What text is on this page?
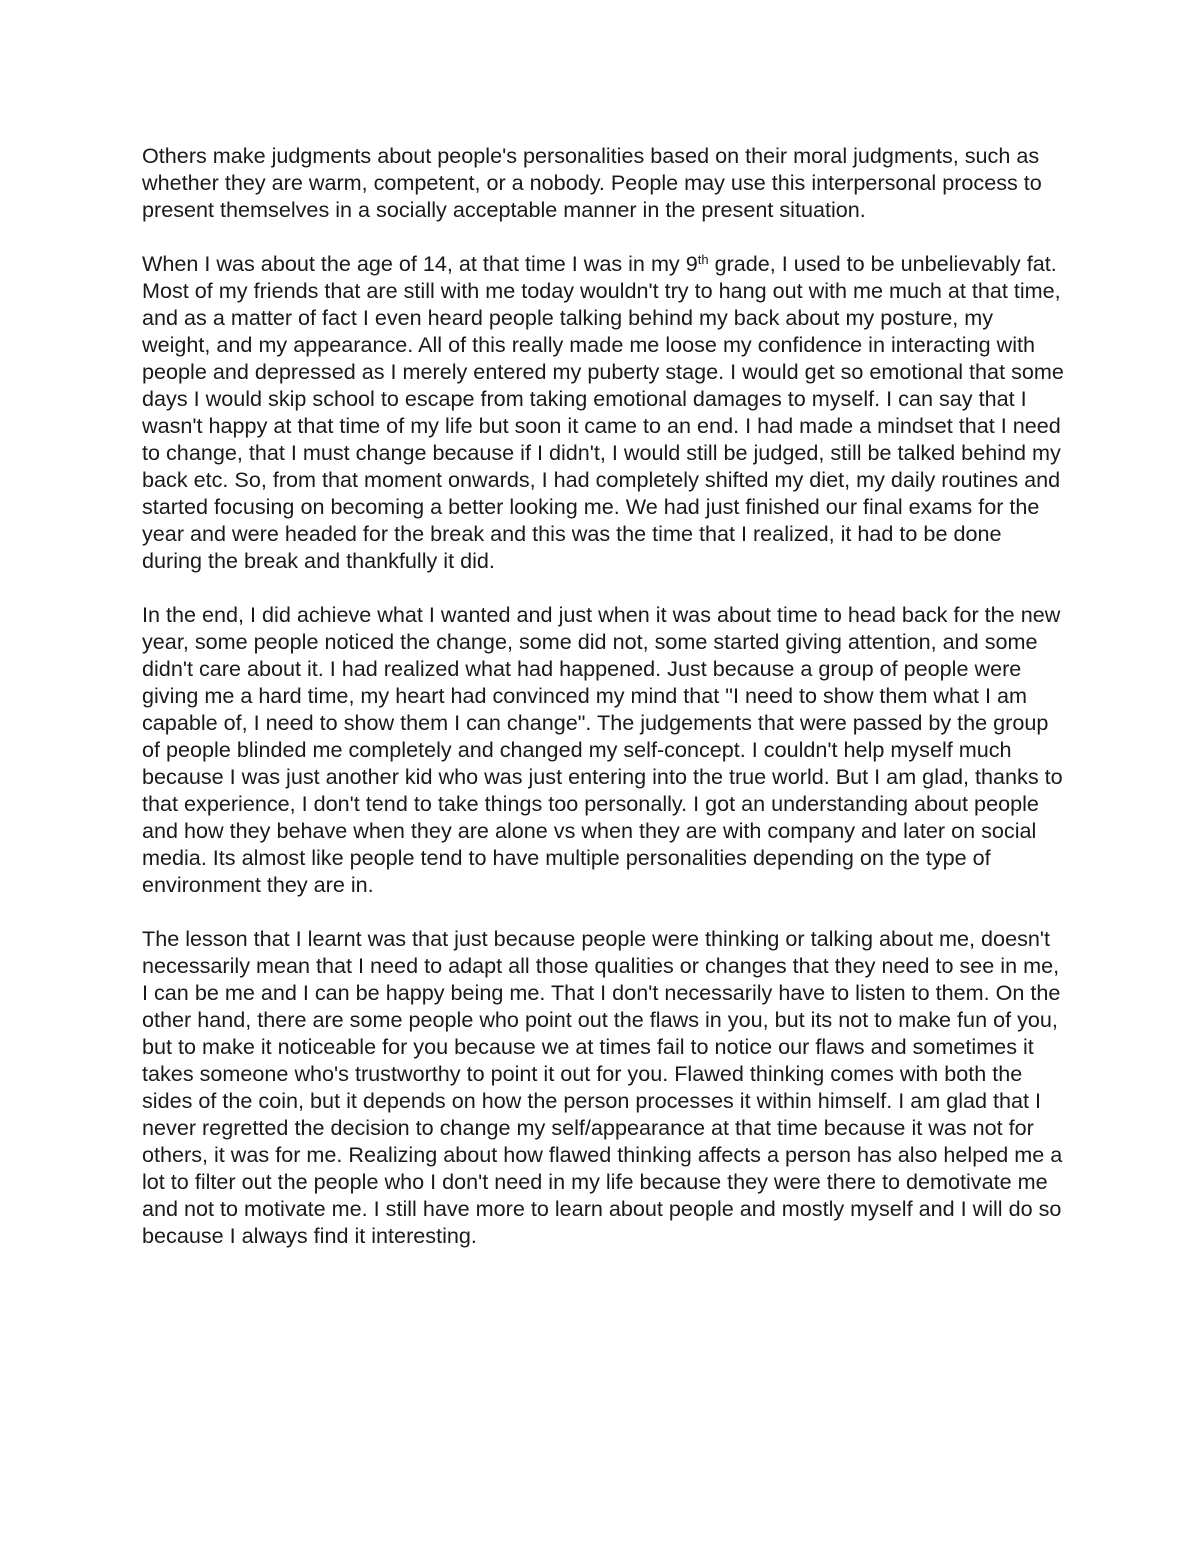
Others make judgments about people's personalities based on their moral judgments, such as whether they are warm, competent, or a nobody. People may use this interpersonal process to present themselves in a socially acceptable manner in the present situation.

When I was about the age of 14, at that time I was in my 9th grade, I used to be unbelievably fat. Most of my friends that are still with me today wouldn't try to hang out with me much at that time, and as a matter of fact I even heard people talking behind my back about my posture, my weight, and my appearance. All of this really made me loose my confidence in interacting with people and depressed as I merely entered my puberty stage. I would get so emotional that some days I would skip school to escape from taking emotional damages to myself. I can say that I wasn't happy at that time of my life but soon it came to an end. I had made a mindset that I need to change, that I must change because if I didn't, I would still be judged, still be talked behind my back etc. So, from that moment onwards, I had completely shifted my diet, my daily routines and started focusing on becoming a better looking me. We had just finished our final exams for the year and were headed for the break and this was the time that I realized, it had to be done during the break and thankfully it did.

In the end, I did achieve what I wanted and just when it was about time to head back for the new year, some people noticed the change, some did not, some started giving attention, and some didn't care about it. I had realized what had happened. Just because a group of people were giving me a hard time, my heart had convinced my mind that "I need to show them what I am capable of, I need to show them I can change". The judgements that were passed by the group of people blinded me completely and changed my self-concept. I couldn't help myself much because I was just another kid who was just entering into the true world. But I am glad, thanks to that experience, I don't tend to take things too personally. I got an understanding about people and how they behave when they are alone vs when they are with company and later on social media. Its almost like people tend to have multiple personalities depending on the type of environment they are in.

The lesson that I learnt was that just because people were thinking or talking about me, doesn't necessarily mean that I need to adapt all those qualities or changes that they need to see in me, I can be me and I can be happy being me. That I don't necessarily have to listen to them. On the other hand, there are some people who point out the flaws in you, but its not to make fun of you, but to make it noticeable for you because we at times fail to notice our flaws and sometimes it takes someone who's trustworthy to point it out for you. Flawed thinking comes with both the sides of the coin, but it depends on how the person processes it within himself. I am glad that I never regretted the decision to change my self/appearance at that time because it was not for others, it was for me. Realizing about how flawed thinking affects a person has also helped me a lot to filter out the people who I don't need in my life because they were there to demotivate me and not to motivate me. I still have more to learn about people and mostly myself and I will do so because I always find it interesting.
